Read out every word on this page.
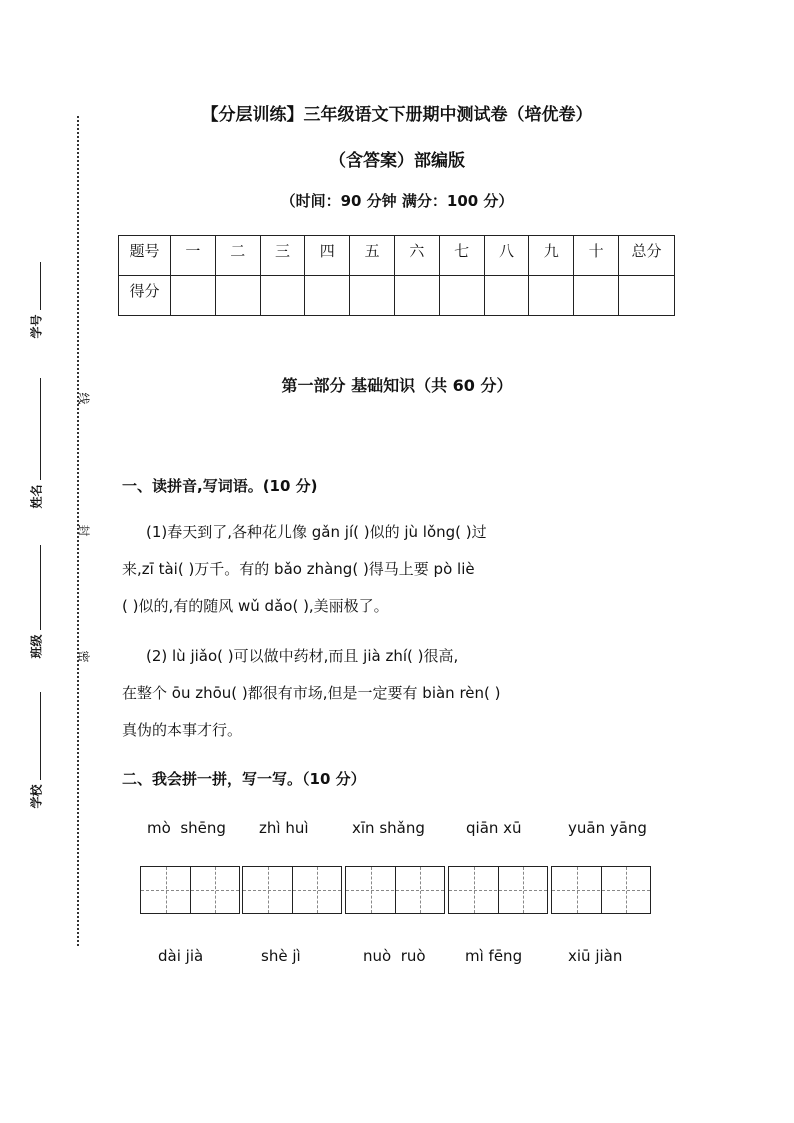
学号
姓名
班级
学校
线
封
密
【分层训练】三年级语文下册期中测试卷（培优卷）
（含答案）部编版
（时间：90 分钟 满分：100 分）
题号	一	二	三	四	五	六	七	八	九	十	总分
得分											
第一部分 基础知识（共 60 分）
一、读拼音,写词语。(10 分)
(1)春天到了,各种花儿像 gǎn jí( )似的 jù lǒng( )过
来,zī tài( )万千。有的 bǎo zhàng( )得马上要 pò liè
( )似的,有的随风 wǔ dǎo( ),美丽极了。
(2) lù jiǎo( )可以做中药材,而且 jià zhí( )很高,
在整个 ōu zhōu( )都很有市场,但是一定要有 biàn rèn( )
真伪的本事才行。
二、我会拼一拼，写一写。（10 分）
mò  shēng zhì huì	xīn shǎng	qiān xū	yuān yāng
dài jià	shè jì	nuò  ruò	mì fēng	xiū jiàn
